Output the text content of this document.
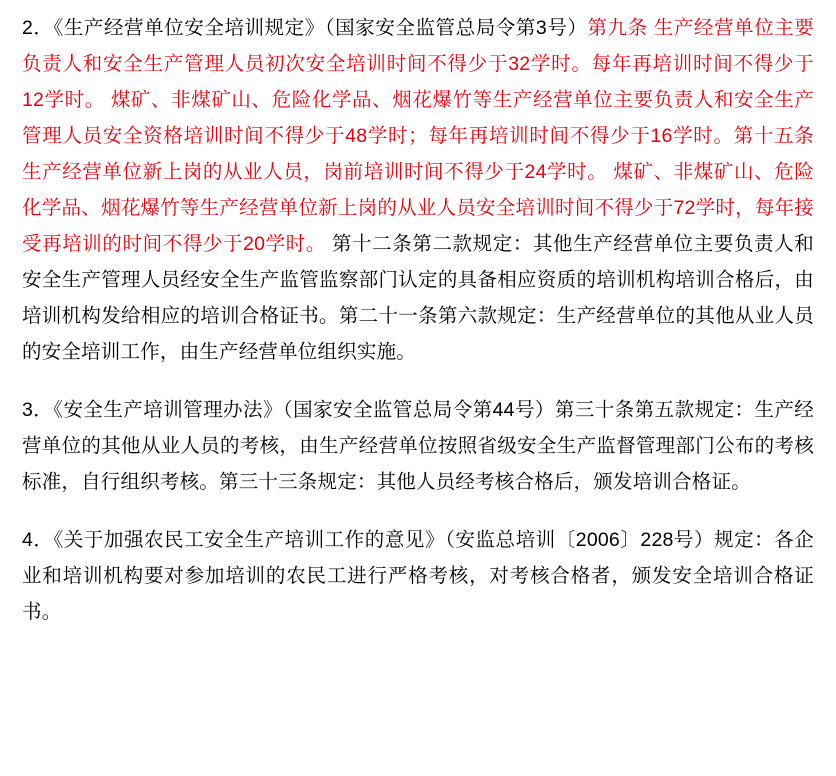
2．《生产经营单位安全培训规定》（国家安全监管总局令第3号）第九条 生产经营单位主要负责人和安全生产管理人员初次安全培训时间不得少于32学时。每年再培训时间不得少于12学时。 煤矿、非煤矿山、危险化学品、烟花爆竹等生产经营单位主要负责人和安全生产管理人员安全资格培训时间不得少于48学时；每年再培训时间不得少于16学时。第十五条 生产经营单位新上岗的从业人员，岗前培训时间不得少于24学时。 煤矿、非煤矿山、危险化学品、烟花爆竹等生产经营单位新上岗的从业人员安全培训时间不得少于72学时，每年接受再培训的时间不得少于20学时。 第十二条第二款规定：其他生产经营单位主要负责人和安全生产管理人员经安全生产监管监察部门认定的具备相应资质的培训机构培训合格后，由培训机构发给相应的培训合格证书。第二十一条第六款规定：生产经营单位的其他从业人员的安全培训工作，由生产经营单位组织实施。

3．《安全生产培训管理办法》（国家安全监管总局令第44号）第三十条第五款规定：生产经营单位的其他从业人员的考核，由生产经营单位按照省级安全生产监督管理部门公布的考核标准，自行组织考核。第三十三条规定：其他人员经考核合格后，颁发培训合格证。

4．《关于加强农民工安全生产培训工作的意见》（安监总培训〔2006〕228号）规定：各企业和培训机构要对参加培训的农民工进行严格考核，对考核合格者，颁发安全培训合格证书。
